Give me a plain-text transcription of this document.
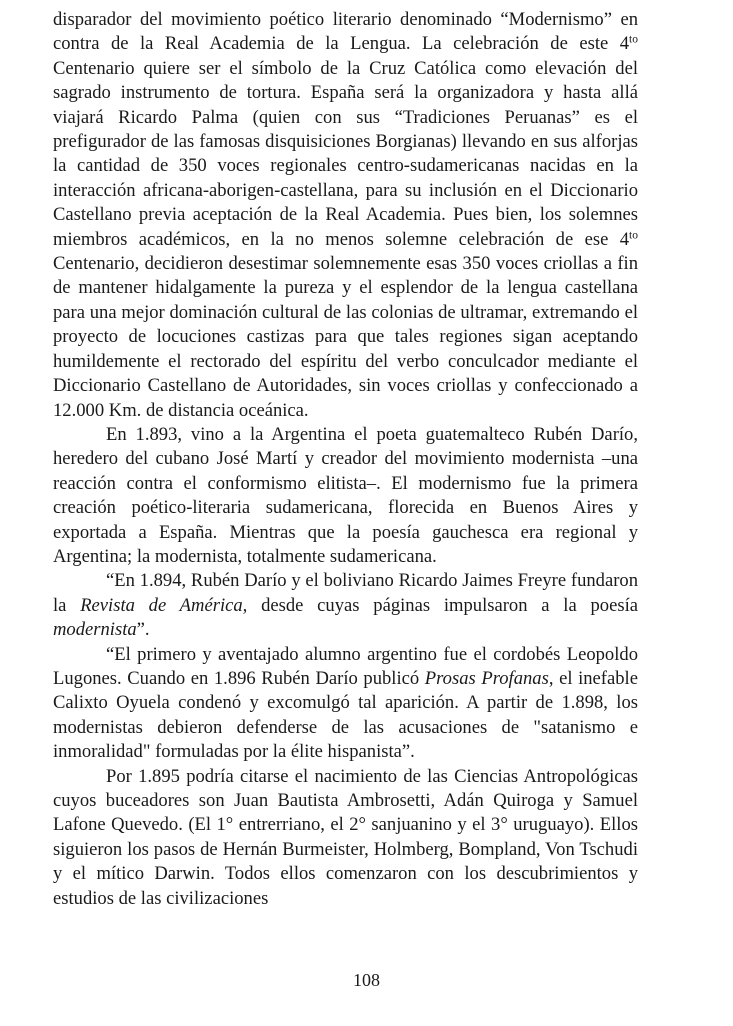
disparador del movimiento poético literario denominado “Modernismo” en contra de la Real Academia de la Lengua. La celebración de este $4^{to}$ Centenario quiere ser el símbolo de la Cruz Católica como elevación del sagrado instrumento de tortura. España será la organizadora y hasta allá viajará Ricardo Palma (quien con sus “Tradiciones Peruanas” es el prefigurador de las famosas disquisiciones Borgianas) llevando en sus alforjas la cantidad de 350 voces regionales centro-sudamericanas nacidas en la interacción africana-aborigen-castellana, para su inclusión en el Diccionario Castellano previa aceptación de la Real Academia. Pues bien, los solemnes miembros académicos, en la no menos solemne celebración de ese $4^{to}$ Centenario, decidieron desestimar solemnemente esas 350 voces criollas a fin de mantener hidalgamente la pureza y el esplendor de la lengua castellana para una mejor dominación cultural de las colonias de ultramar, extremando el proyecto de locuciones castizas para que tales regiones sigan aceptando humildemente el rectorado del espíritu del verbo conculcador mediante el Diccionario Castellano de Autoridades, sin voces criollas y confeccionado a 12.000 Km. de distancia oceánica.

En 1.893, vino a la Argentina el poeta guatemalteco Rubén Darío, heredero del cubano José Martí y creador del movimiento modernista –una reacción contra el conformismo elitista–. El modernismo fue la primera creación poético-literaria sudamericana, florecida en Buenos Aires y exportada a España. Mientras que la poesía gauchesca era regional y Argentina; la modernista, totalmente sudamericana.

“En 1.894, Rubén Darío y el boliviano Ricardo Jaimes Freyre fundaron la Revista de América, desde cuyas páginas impulsaron a la poesía modernista”.

“El primero y aventajado alumno argentino fue el cordobés Leopoldo Lugones. Cuando en 1.896 Rubén Darío publicó Prosas Profanas, el inefable Calixto Oyuela condenó y excomulgó tal aparición. A partir de 1.898, los modernistas debieron defenderse de las acusaciones de "satanismo e inmoralidad" formuladas por la élite hispanista”.

Por 1.895 podría citarse el nacimiento de las Ciencias Antropológicas cuyos buceadores son Juan Bautista Ambrosetti, Adán Quiroga y Samuel Lafone Quevedo. (El 1° entrerriano, el 2° sanjuanino y el 3° uruguayo). Ellos siguieron los pasos de Hernán Burmeister, Holmberg, Bompland, Von Tschudi y el mítico Darwin. Todos ellos comenzaron con los descubrimientos y estudios de las civilizaciones

108
